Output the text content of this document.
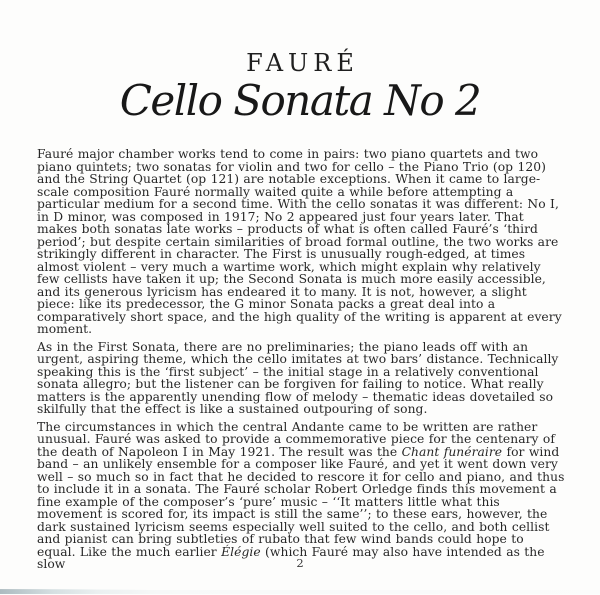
FAURÉ
Cello Sonata No 2

Fauré major chamber works tend to come in pairs: two piano quartets and two piano quintets; two sonatas for violin and two for cello – the Piano Trio (op 120) and the String Quartet (op 121) are notable exceptions. When it came to large-scale composition Fauré normally waited quite a while before attempting a particular medium for a second time. With the cello sonatas it was different: No I, in D minor, was composed in 1917; No 2 appeared just four years later. That makes both sonatas late works – products of what is often called Fauré’s ‘third period’; but despite certain similarities of broad formal outline, the two works are strikingly different in character. The First is unusually rough-edged, at times almost violent – very much a wartime work, which might explain why relatively few cellists have taken it up; the Second Sonata is much more easily accessible, and its generous lyricism has endeared it to many. It is not, however, a slight piece: like its predecessor, the G minor Sonata packs a great deal into a comparatively short space, and the high quality of the writing is apparent at every moment.

As in the First Sonata, there are no preliminaries; the piano leads off with an urgent, aspiring theme, which the cello imitates at two bars’ distance. Technically speaking this is the ‘first subject’ – the initial stage in a relatively conventional sonata allegro; but the listener can be forgiven for failing to notice. What really matters is the apparently unending flow of melody – thematic ideas dovetailed so skilfully that the effect is like a sustained outpouring of song.

The circumstances in which the central Andante came to be written are rather unusual. Fauré was asked to provide a commemorative piece for the centenary of the death of Napoleon I in May 1921. The result was the Chant funéraire for wind band – an unlikely ensemble for a composer like Fauré, and yet it went down very well – so much so in fact that he decided to rescore it for cello and piano, and thus to include it in a sonata. The Fauré scholar Robert Orledge finds this movement a fine example of the composer’s ‘pure’ music – ‘‘It matters little what this movement is scored for, its impact is still the same’’; to these ears, however, the dark sustained lyricism seems especially well suited to the cello, and both cellist and pianist can bring subtleties of rubato that few wind bands could hope to equal. Like the much earlier Élégie (which Fauré may also have intended as the slow	2
